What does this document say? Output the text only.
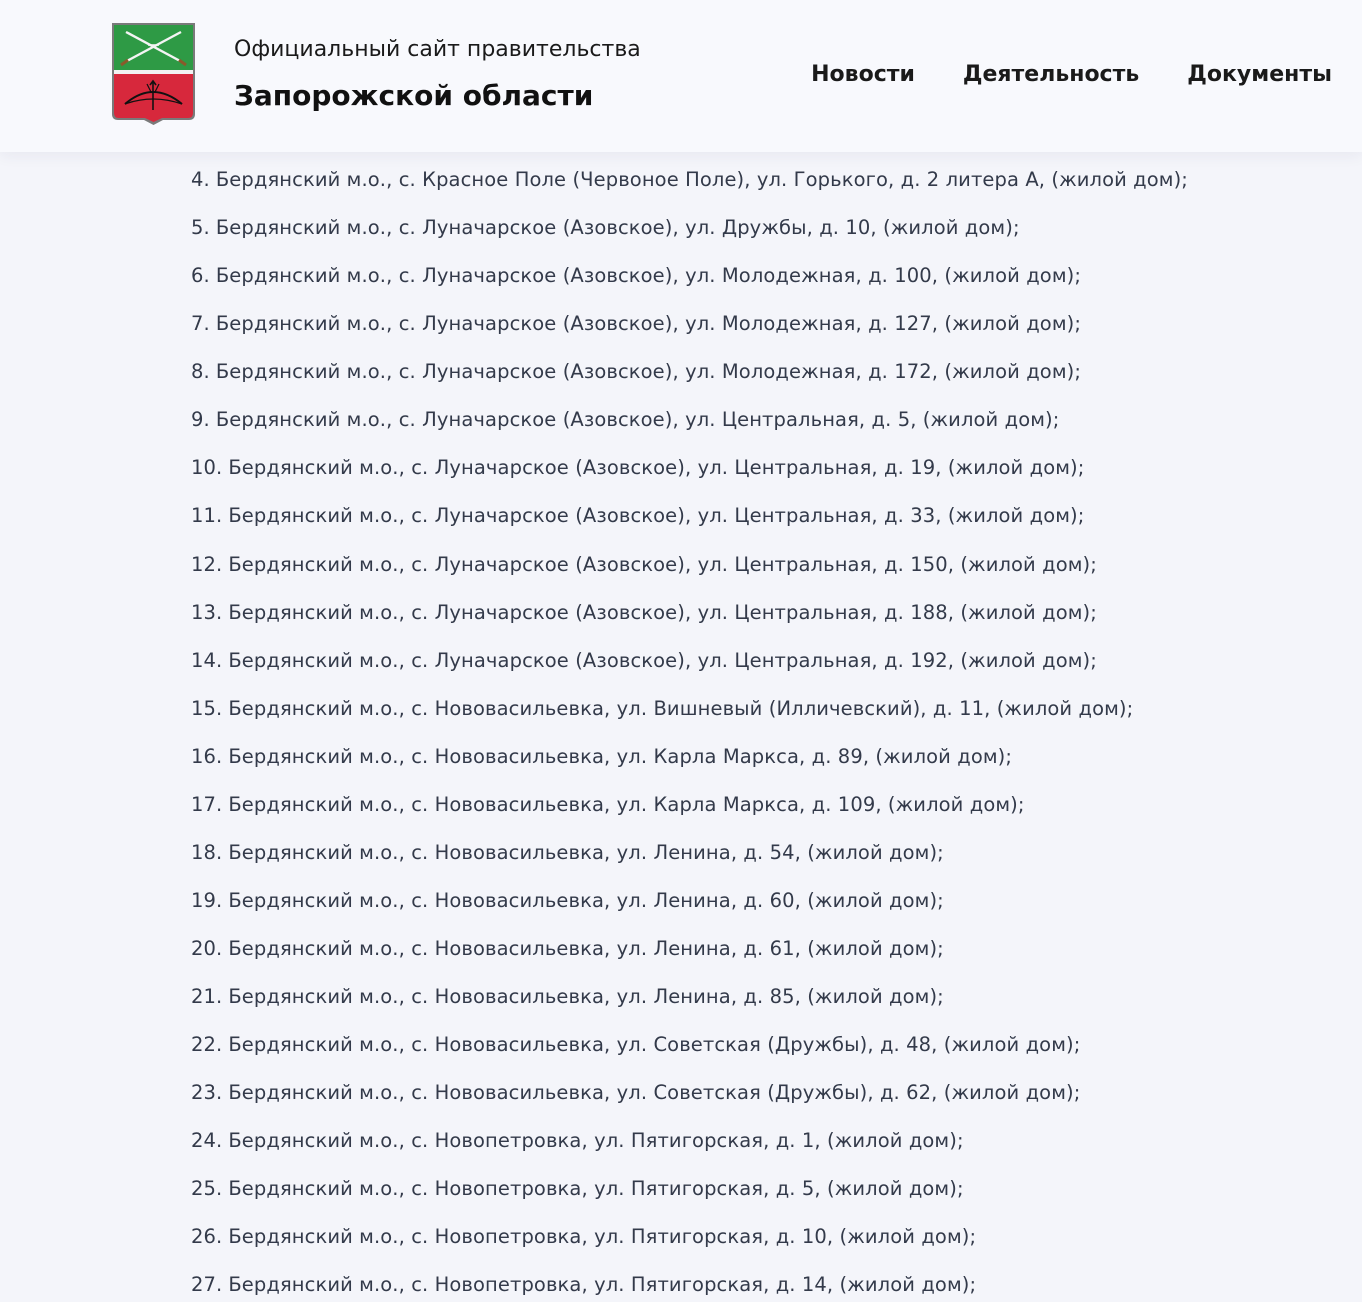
4. Бердянский м.о., с. Красное Поле (Червоное Поле), ул. Горького, д. 2 литера А, (жилой дом);
5. Бердянский м.о., с. Луначарское (Азовское), ул. Дружбы, д. 10, (жилой дом);
6. Бердянский м.о., с. Луначарское (Азовское), ул. Молодежная, д. 100, (жилой дом);
7. Бердянский м.о., с. Луначарское (Азовское), ул. Молодежная, д. 127, (жилой дом);
8. Бердянский м.о., с. Луначарское (Азовское), ул. Молодежная, д. 172, (жилой дом);
9. Бердянский м.о., с. Луначарское (Азовское), ул. Центральная, д. 5, (жилой дом);
10. Бердянский м.о., с. Луначарское (Азовское), ул. Центральная, д. 19, (жилой дом);
11. Бердянский м.о., с. Луначарское (Азовское), ул. Центральная, д. 33, (жилой дом);
12. Бердянский м.о., с. Луначарское (Азовское), ул. Центральная, д. 150, (жилой дом);
13. Бердянский м.о., с. Луначарское (Азовское), ул. Центральная, д. 188, (жилой дом);
14. Бердянский м.о., с. Луначарское (Азовское), ул. Центральная, д. 192, (жилой дом);
15. Бердянский м.о., с. Нововасильевка, ул. Вишневый (Илличевский), д. 11, (жилой дом);
16. Бердянский м.о., с. Нововасильевка, ул. Карла Маркса, д. 89, (жилой дом);
17. Бердянский м.о., с. Нововасильевка, ул. Карла Маркса, д. 109, (жилой дом);
18. Бердянский м.о., с. Нововасильевка, ул. Ленина, д. 54, (жилой дом);
19. Бердянский м.о., с. Нововасильевка, ул. Ленина, д. 60, (жилой дом);
20. Бердянский м.о., с. Нововасильевка, ул. Ленина, д. 61, (жилой дом);
21. Бердянский м.о., с. Нововасильевка, ул. Ленина, д. 85, (жилой дом);
22. Бердянский м.о., с. Нововасильевка, ул. Советская (Дружбы), д. 48, (жилой дом);
23. Бердянский м.о., с. Нововасильевка, ул. Советская (Дружбы), д. 62, (жилой дом);
24. Бердянский м.о., с. Новопетровка, ул. Пятигорская, д. 1, (жилой дом);
25. Бердянский м.о., с. Новопетровка, ул. Пятигорская, д. 5, (жилой дом);
26. Бердянский м.о., с. Новопетровка, ул. Пятигорская, д. 10, (жилой дом);
27. Бердянский м.о., с. Новопетровка, ул. Пятигорская, д. 14, (жилой дом);
Официальный сайт правительства
Запорожской области
Новости Деятельность Документы
